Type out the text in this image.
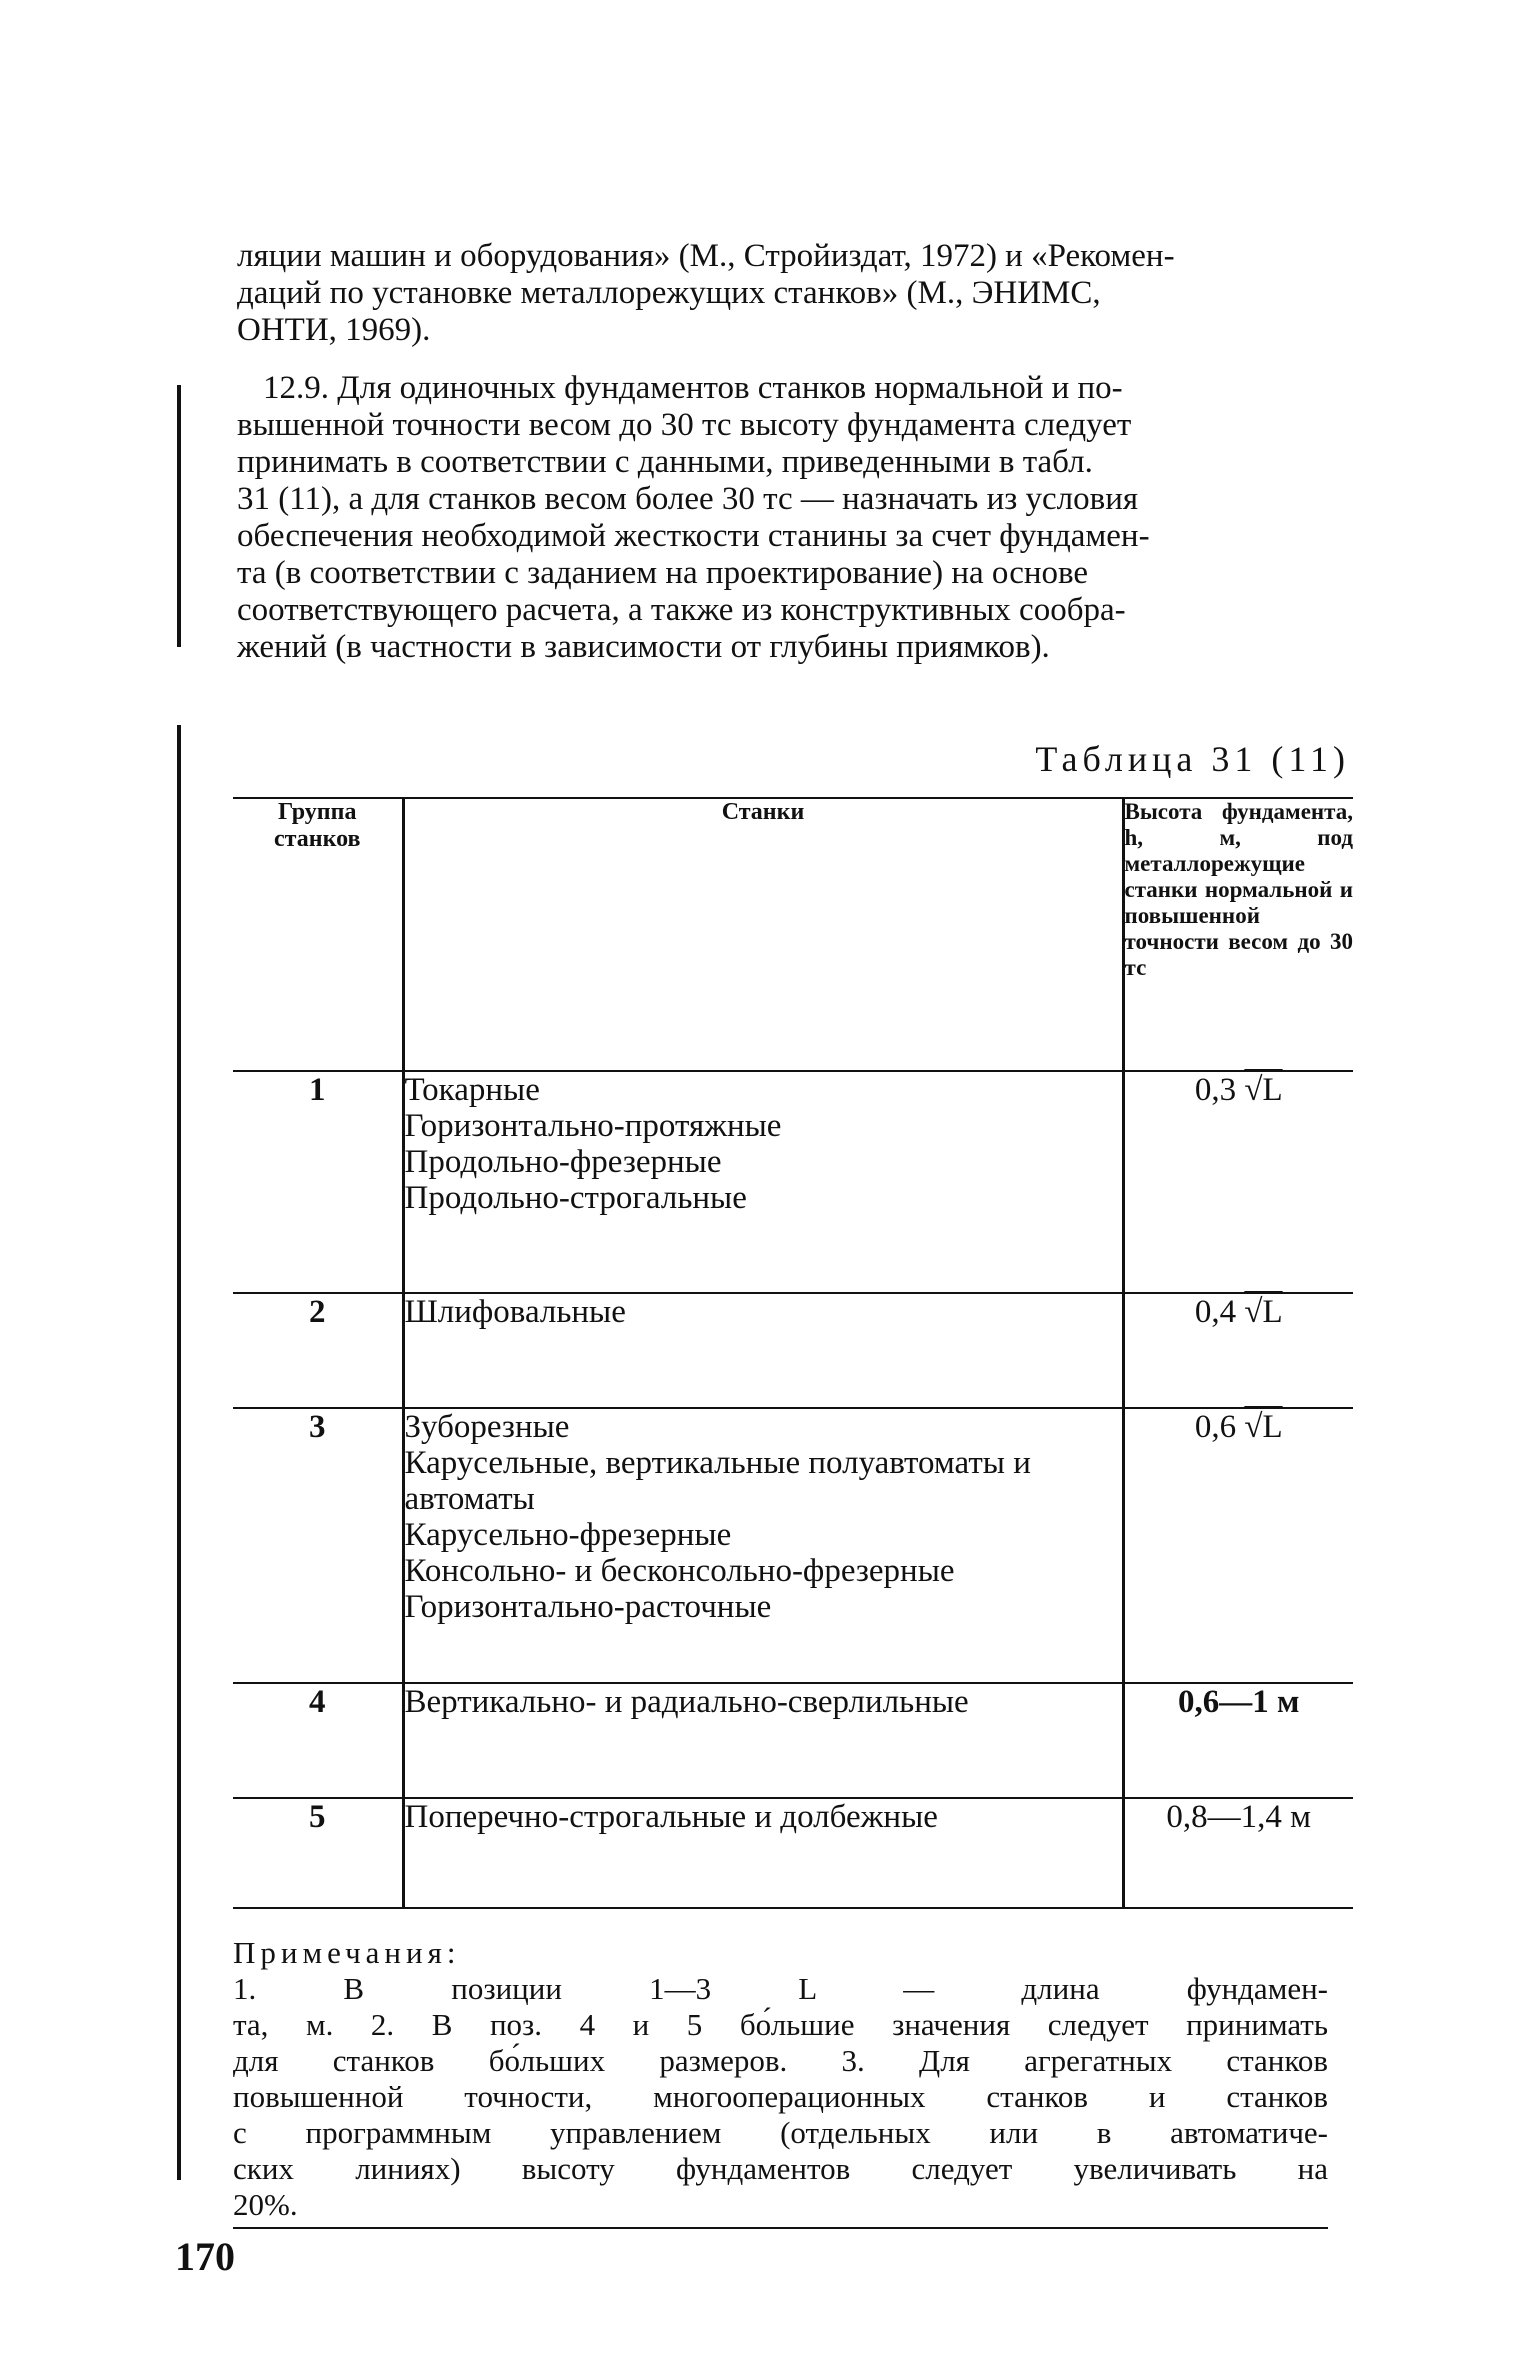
ляции машин и оборудования» (М., Стройиздат, 1972) и «Рекомен-
даций по установке металлорежущих станков» (М., ЭНИМС,
ОНТИ, 1969).

12.9. Для одиночных фундаментов станков нормальной и по-
вышенной точности весом до 30 тс высоту фундамента следует
принимать в соответствии с данными, приведенными в табл.
31 (11), а для станков весом более 30 тс — назначать из условия
обеспечения необходимой жесткости станины за счет фундамен-
та (в соответствии с заданием на проектирование) на основе
соответствующего расчета, а также из конструктивных сообра-
жений (в частности в зависимости от глубины приямков).

Таблица 31 (11)
Группа
станков	Станки	Высота фундамента, h, м, под металлорежущие станки нормальной и повышенной точности весом до 30 тс
1	Токарные
Горизонтально-протяжные
Продольно-фрезерные
Продольно-строгальные	0,3 √L
2	Шлифовальные	0,4 √L
3	Зуборезные
Карусельные, вертикальные полуавтоматы и автоматы
Карусельно-фрезерные
Консольно- и бесконсольно-фрезерные
Горизонтально-расточные	0,6 √L
4	Вертикально- и радиально-сверлильные	0,6—1 м
5	Поперечно-строгальные и долбежные	0,8—1,4 м
Примечания:
1. В позиции 1—3 L — длина фундамен-
та, м. 2. В поз. 4 и 5 бо́льшие значения следует принимать
для станков бо́льших размеров. 3. Для агрегатных станков
повышенной точности, многооперационных станков и станков
с программным управлением (отдельных или в автоматиче-
ских линиях) высоту фундаментов следует увеличивать на
20%.
170
